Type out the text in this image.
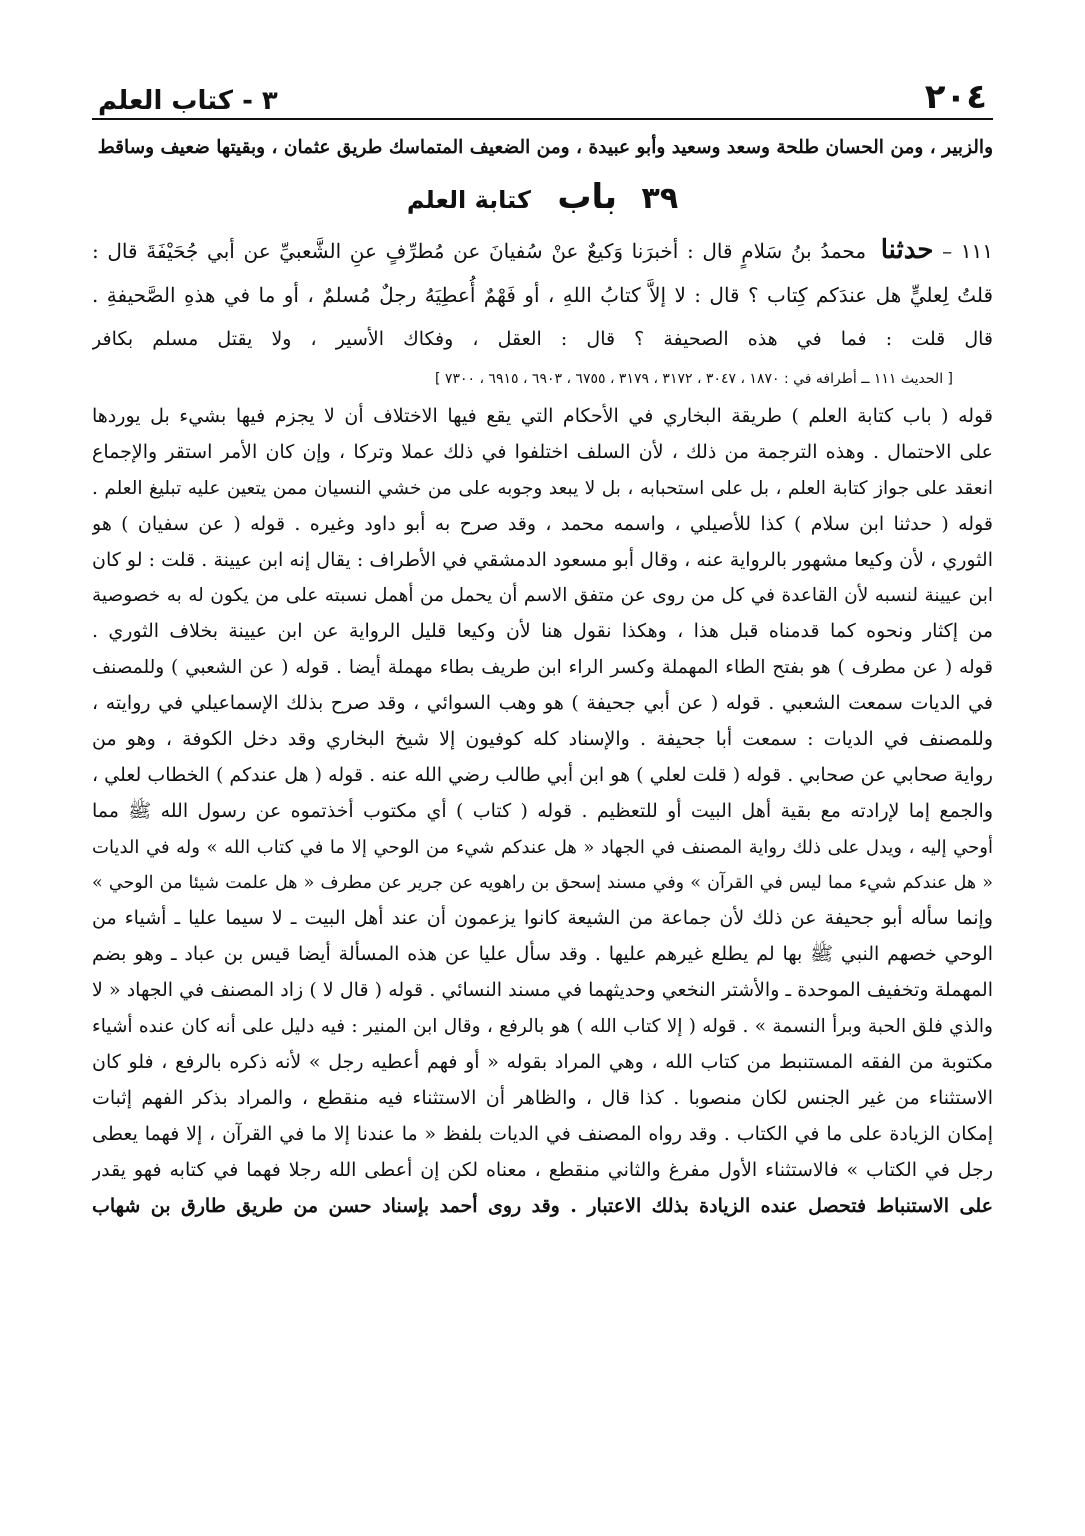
٢٠٤
٣ - كتاب العلم
والزبير ، ومن الحسان طلحة وسعد وسعيد وأبو عبيدة ، ومن الضعيف المتماسك طريق عثمان ، وبقيتها ضعيف وساقط
٣٩ باب كتابة العلم
١١١ – حدثنا محمدُ بنُ سَلامٍ قال : أخبرَنا وَكيعٌ عنْ سُفيانَ عن مُطرِّفٍ عنِ الشَّعبيِّ عن أبي جُحَيْفَةَ قال :
قلتُ لِعليٍّ هل عندَكم كِتاب ؟ قال : لا إلاَّ كتابُ اللهِ ، أو فَهْمٌ أُعطِيَهُ رجلٌ مُسلمٌ ، أو ما في هذهِ الصَّحيفةِ .
قال قلت : فما في هذه الصحيفة ؟ قال : العقل ، وفكاك الأسير ، ولا يقتل مسلم بكافر
[ الحديث ١١١ ــ أطرافه في : ١٨٧٠ ، ٣٠٤٧ ، ٣١٧٢ ، ٣١٧٩ ، ٦٧٥٥ ، ٦٩٠٣ ، ٦٩١٥ ، ٧٣٠٠ ]
قوله ( باب كتابة العلم ) طريقة البخاري في الأحكام التي يقع فيها الاختلاف أن لا يجزم فيها بشيء بل يوردها
على الاحتمال . وهذه الترجمة من ذلك ، لأن السلف اختلفوا في ذلك عملا وتركا ، وإن كان الأمر استقر والإجماع
انعقد على جواز كتابة العلم ، بل على استحبابه ، بل لا يبعد وجوبه على من خشي النسيان ممن يتعين عليه تبليغ العلم .
قوله ( حدثنا ابن سلام ) كذا للأصيلي ، واسمه محمد ، وقد صرح به أبو داود وغيره . قوله ( عن سفيان ) هو
الثوري ، لأن وكيعا مشهور بالرواية عنه ، وقال أبو مسعود الدمشقي في الأطراف : يقال إنه ابن عيينة . قلت : لو كان
ابن عيينة لنسبه لأن القاعدة في كل من روى عن متفق الاسم أن يحمل من أهمل نسبته على من يكون له به خصوصية
من إكثار ونحوه كما قدمناه قبل هذا ، وهكذا نقول هنا لأن وكيعا قليل الرواية عن ابن عيينة بخلاف الثوري .
قوله ( عن مطرف ) هو بفتح الطاء المهملة وكسر الراء ابن طريف بطاء مهملة أيضا . قوله ( عن الشعبي ) وللمصنف
في الديات سمعت الشعبي . قوله ( عن أبي جحيفة ) هو وهب السوائي ، وقد صرح بذلك الإسماعيلي في روايته ،
وللمصنف في الديات : سمعت أبا جحيفة . والإسناد كله كوفيون إلا شيخ البخاري وقد دخل الكوفة ، وهو من
رواية صحابي عن صحابي . قوله ( قلت لعلي ) هو ابن أبي طالب رضي الله عنه . قوله ( هل عندكم ) الخطاب لعلي ،
والجمع إما لإرادته مع بقية أهل البيت أو للتعظيم . قوله ( كتاب ) أي مكتوب أخذتموه عن رسول الله ﷺ مما
أوحي إليه ، ويدل على ذلك رواية المصنف في الجهاد « هل عندكم شيء من الوحي إلا ما في كتاب الله » وله في الديات
« هل عندكم شيء مما ليس في القرآن » وفي مسند إسحق بن راهويه عن جرير عن مطرف « هل علمت شيئا من الوحي »
وإنما سأله أبو جحيفة عن ذلك لأن جماعة من الشيعة كانوا يزعمون أن عند أهل البيت ـ لا سيما عليا ـ أشياء من
الوحي خصهم النبي ﷺ بها لم يطلع غيرهم عليها . وقد سأل عليا عن هذه المسألة أيضا قيس بن عباد ـ وهو بضم
المهملة وتخفيف الموحدة ـ والأشتر النخعي وحديثهما في مسند النسائي . قوله ( قال لا ) زاد المصنف في الجهاد « لا
والذي فلق الحبة وبرأ النسمة » . قوله ( إلا كتاب الله ) هو بالرفع ، وقال ابن المنير : فيه دليل على أنه كان عنده أشياء
مكتوبة من الفقه المستنبط من كتاب الله ، وهي المراد بقوله « أو فهم أعطيه رجل » لأنه ذكره بالرفع ، فلو كان
الاستثناء من غير الجنس لكان منصوبا . كذا قال ، والظاهر أن الاستثناء فيه منقطع ، والمراد بذكر الفهم إثبات
إمكان الزيادة على ما في الكتاب . وقد رواه المصنف في الديات بلفظ « ما عندنا إلا ما في القرآن ، إلا فهما يعطى
رجل في الكتاب » فالاستثناء الأول مفرغ والثاني منقطع ، معناه لكن إن أعطى الله رجلا فهما في كتابه فهو يقدر
على الاستنباط فتحصل عنده الزيادة بذلك الاعتبار . وقد روى أحمد بإسناد حسن من طريق طارق بن شهاب
